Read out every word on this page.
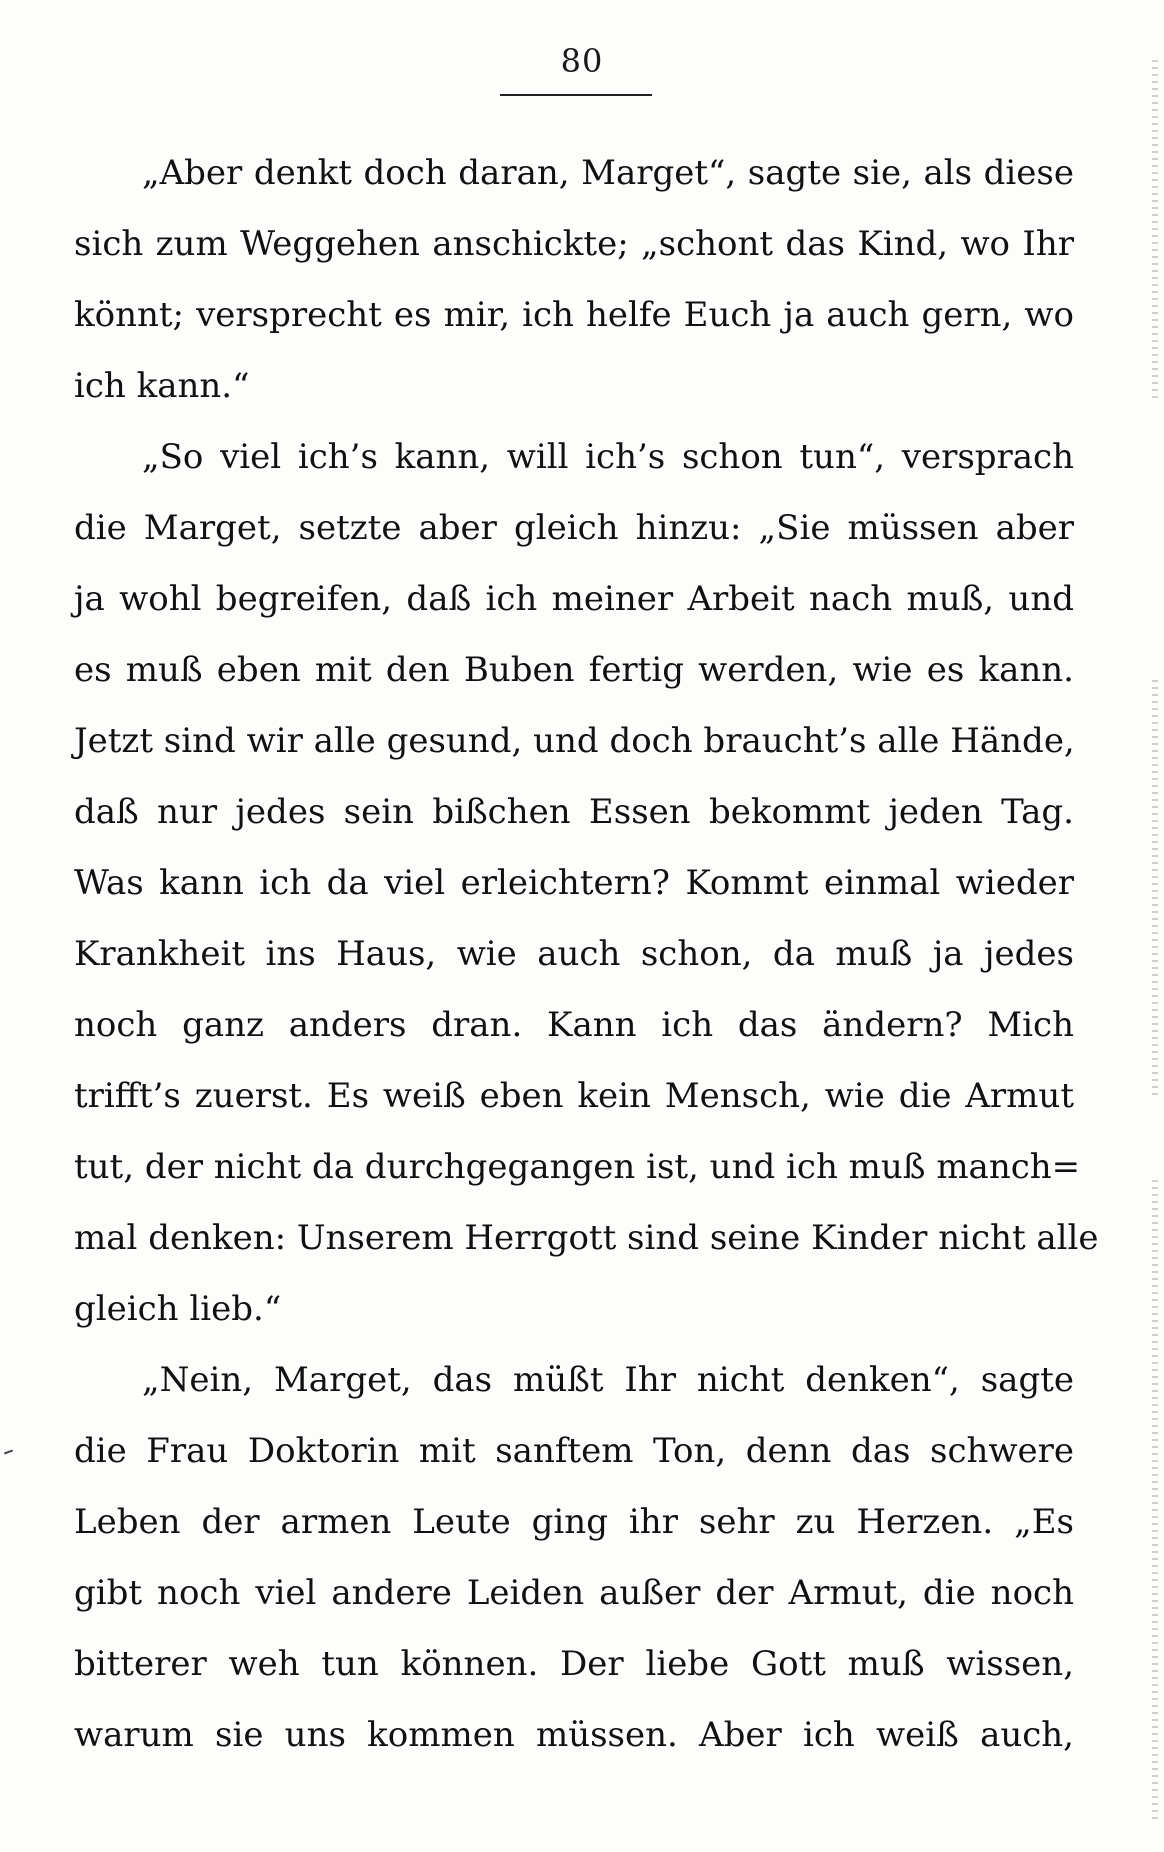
80
„Aber denkt doch daran, Marget“, sagte sie, als diese
sich zum Weggehen anschickte; „schont das Kind, wo Ihr
könnt; versprecht es mir, ich helfe Euch ja auch gern, wo
ich kann.“
„So viel ich’s kann, will ich’s schon tun“, versprach
die Marget, setzte aber gleich hinzu: „Sie müssen aber
ja wohl begreifen, daß ich meiner Arbeit nach muß, und
es muß eben mit den Buben fertig werden, wie es kann.
Jetzt sind wir alle gesund, und doch braucht’s alle Hände,
daß nur jedes sein bißchen Essen bekommt jeden Tag.
Was kann ich da viel erleichtern? Kommt einmal wieder
Krankheit ins Haus, wie auch schon, da muß ja jedes
noch ganz anders dran. Kann ich das ändern? Mich
trifft’s zuerst. Es weiß eben kein Mensch, wie die Armut
tut, der nicht da durchgegangen ist, und ich muß manch=
mal denken: Unserem Herrgott sind seine Kinder nicht alle
gleich lieb.“
„Nein, Marget, das müßt Ihr nicht denken“, sagte
die Frau Doktorin mit sanftem Ton, denn das schwere
Leben der armen Leute ging ihr sehr zu Herzen. „Es
gibt noch viel andere Leiden außer der Armut, die noch
bitterer weh tun können. Der liebe Gott muß wissen,
warum sie uns kommen müssen. Aber ich weiß auch,
